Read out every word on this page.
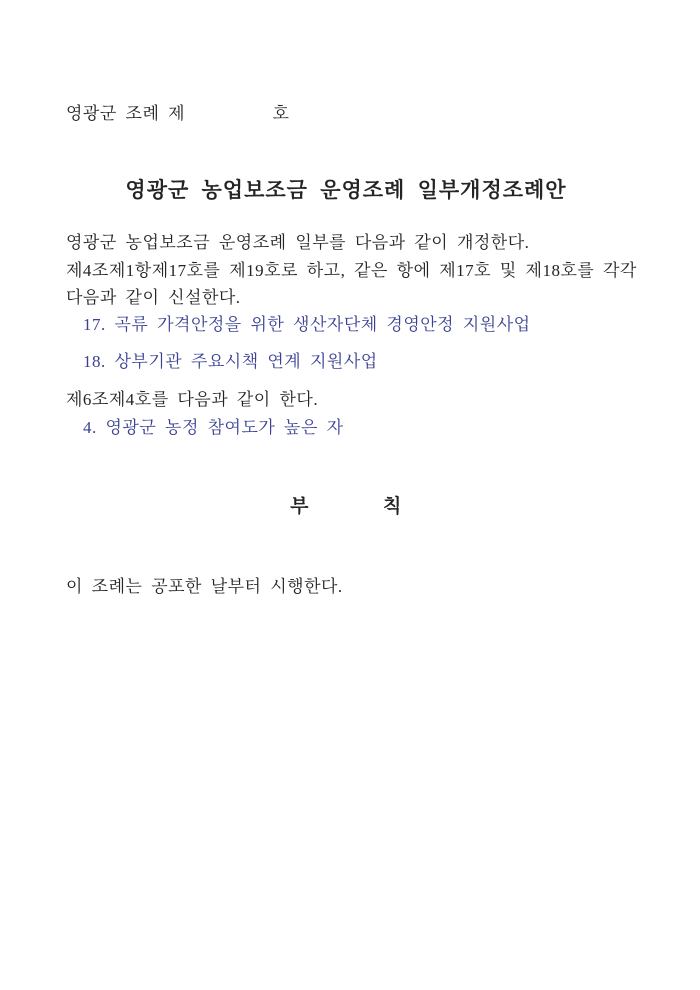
영광군 조례 제          호
영광군 농업보조금 운영조례 일부개정조례안
영광군 농업보조금 운영조례 일부를 다음과 같이 개정한다.
제4조제1항제17호를 제19호로 하고, 같은 항에 제17호 및 제18호를 각각
다음과 같이 신설한다.
17. 곡류 가격안정을 위한 생산자단체 경영안정 지원사업
18. 상부기관 주요시책 연계 지원사업
제6조제4호를 다음과 같이 한다.
4. 영광군 농정 참여도가 높은 자
부        칙
이 조례는 공포한 날부터 시행한다.
